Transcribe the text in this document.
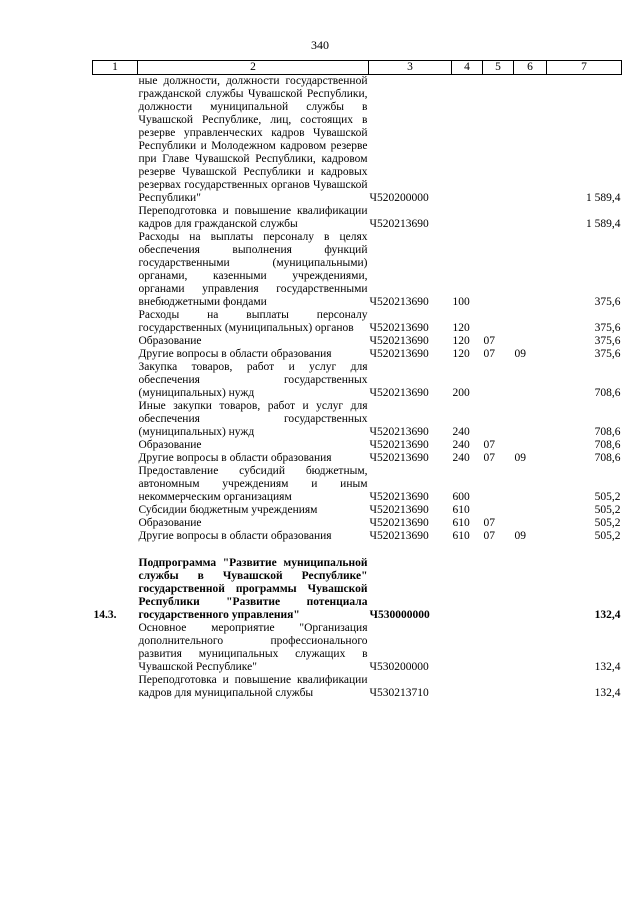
340
1	2	3	4	5	6	7
	ные должности, должности государственной гражданской службы Чувашской Республики, должности муниципальной службы в Чувашской Республике, лиц, состоящих в резерве управленческих кадров Чувашской Республики и Молодежном кадровом резерве при Главе Чувашской Республики, кадровом резерве Чувашской Республики и кадровых резервах государственных органов Чувашской Республики"	Ч520200000				1 589,4
	Переподготовка и повышение квалификации кадров для гражданской службы	Ч520213690				1 589,4
	Расходы на выплаты персоналу в целях обеспечения выполнения функций государственными (муниципальными) органами, казенными учреждениями, органами управления государственными внебюджетными фондами	Ч520213690	100			375,6
	Расходы на выплаты персоналу государственных (муниципальных) органов	Ч520213690	120			375,6
	Образование	Ч520213690	120	07		375,6
	Другие вопросы в области образования	Ч520213690	120	07	09	375,6
	Закупка товаров, работ и услуг для обеспечения государственных (муниципальных) нужд	Ч520213690	200			708,6
	Иные закупки товаров, работ и услуг для обеспечения государственных (муниципальных) нужд	Ч520213690	240			708,6
	Образование	Ч520213690	240	07		708,6
	Другие вопросы в области образования	Ч520213690	240	07	09	708,6
	Предоставление субсидий бюджетным, автономным учреждениям и иным некоммерческим организациям	Ч520213690	600			505,2
	Субсидии бюджетным учреждениям	Ч520213690	610			505,2
	Образование	Ч520213690	610	07		505,2
	Другие вопросы в области образования	Ч520213690	610	07	09	505,2

14.3.	Подпрограмма "Развитие муниципальной службы в Чувашской Республике" государственной программы Чувашской Республики "Развитие потенциала государственного управления"	Ч530000000				132,4
	Основное мероприятие "Организация дополнительного профессионального развития муниципальных служащих в Чувашской Республике"	Ч530200000				132,4
	Переподготовка и повышение квалификации кадров для муниципальной службы	Ч530213710				132,4
